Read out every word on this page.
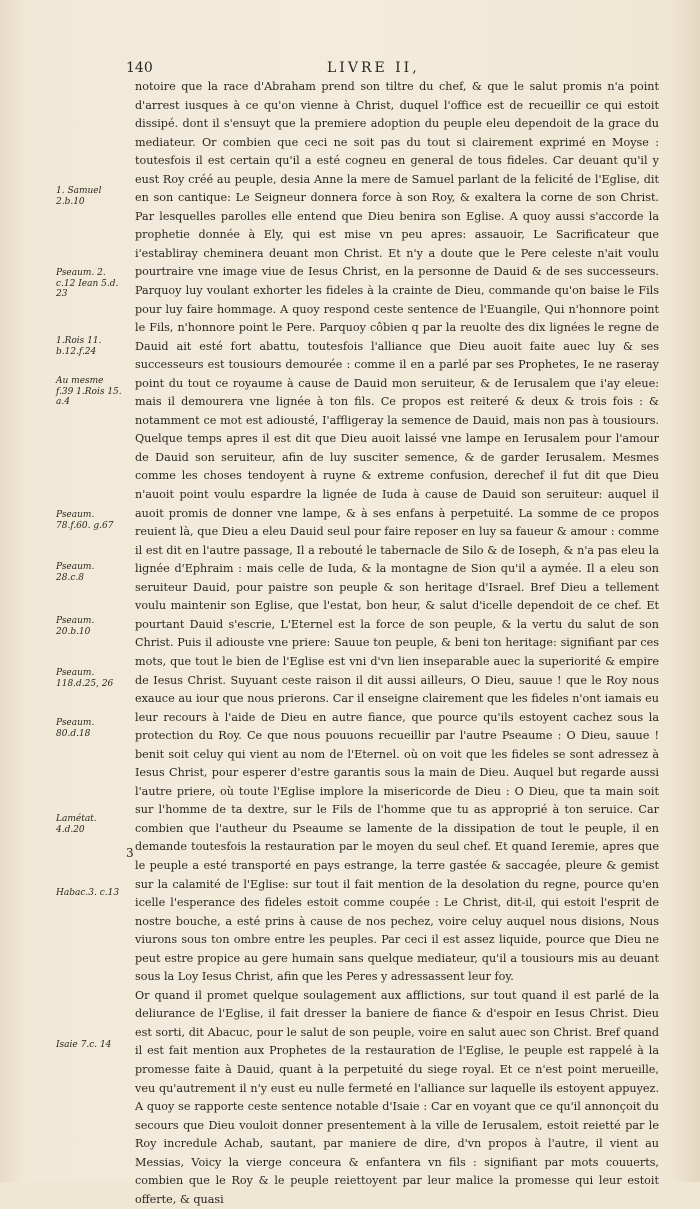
140	LIVRE II,
1. Samuel 2.b.10
Pseaum. 2. c.12 Iean 5.d. 23
1.Rois 11. b.12.f.24
Au mesme f.39 1.Rois 15. a.4
Pseaum. 78.f.60. g.67
Pseaum. 28.c.8
Pseaum. 20.b.10
Pseaum. 118.d.25, 26
Pseaum. 80.d.18
Lamétat. 4.d.20
Habac.3. c.13
Isaie 7.c. 14
3

notoire que la race d'Abraham prend son tiltre du chef, & que le salut promis n'a point d'arrest iusques à ce qu'on vienne à Christ, duquel l'office est de recueillir ce qui estoit dissipé. dont il s'ensuyt que la premiere adoption du peuple eleu dependoit de la grace du mediateur. Or combien que ceci ne soit pas du tout si clairement exprimé en Moyse : toutesfois il est certain qu'il a esté cogneu en general de tous fideles. Car deuant qu'il y eust Roy créé au peuple, desia Anne la mere de Samuel parlant de la felicité de l'Eglise, dit en son cantique: Le Seigneur donnera force à son Roy, & exaltera la corne de son Christ. Par lesquelles parolles elle entend que Dieu benira son Eglise. A quoy aussi s'accorde la prophetie donnée à Ely, qui est mise vn peu apres: assauoir, Le Sacrificateur que i'establiray cheminera deuant mon Christ. Et n'y a doute que le Pere celeste n'ait voulu pourtraire vne image viue de Iesus Christ, en la personne de Dauid & de ses successeurs. Parquoy luy voulant exhorter les fideles à la crainte de Dieu, commande qu'on baise le Fils pour luy faire hommage. A quoy respond ceste sentence de l'Euangile, Qui n'honnore point le Fils, n'honnore point le Pere. Parquoy côbien q par la reuolte des dix lignées le regne de Dauid ait esté fort abattu, toutesfois l'alliance que Dieu auoit faite auec luy & ses successeurs est tousiours demourée : comme il en a parlé par ses Prophetes, Ie ne raseray point du tout ce royaume à cause de Dauid mon seruiteur, & de Ierusalem que i'ay eleue: mais il demourera vne lignée à ton fils. Ce propos est reiteré & deux & trois fois : & notamment ce mot est adiousté, I'affligeray la semence de Dauid, mais non pas à tousiours. Quelque temps apres il est dit que Dieu auoit laissé vne lampe en Ierusalem pour l'amour de Dauid son seruiteur, afin de luy susciter semence, & de garder Ierusalem. Mesmes comme les choses tendoyent à ruyne & extreme confusion, derechef il fut dit que Dieu n'auoit point voulu espardre la lignée de Iuda à cause de Dauid son seruiteur: auquel il auoit promis de donner vne lampe, & à ses enfans à perpetuité. La somme de ce propos reuient là, que Dieu a eleu Dauid seul pour faire reposer en luy sa faueur & amour : comme il est dit en l'autre passage, Il a rebouté le tabernacle de Silo & de Ioseph, & n'a pas eleu la lignée d'Ephraim : mais celle de Iuda, & la montagne de Sion qu'il a aymée. Il a eleu son seruiteur Dauid, pour paistre son peuple & son heritage d'Israel. Bref Dieu a tellement voulu maintenir son Eglise, que l'estat, bon heur, & salut d'icelle dependoit de ce chef. Et pourtant Dauid s'escrie, L'Eternel est la force de son peuple, & la vertu du salut de son Christ. Puis il adiouste vne priere: Sauue ton peuple, & beni ton heritage: signifiant par ces mots, que tout le bien de l'Eglise est vni d'vn lien inseparable auec la superiorité & empire de Iesus Christ. Suyuant ceste raison il dit aussi ailleurs, O Dieu, sauue ! que le Roy nous exauce au iour que nous prierons. Car il enseigne clairement que les fideles n'ont iamais eu leur recours à l'aide de Dieu en autre fiance, que pource qu'ils estoyent cachez sous la protection du Roy. Ce que nous pouuons recueillir par l'autre Pseaume : O Dieu, sauue ! benit soit celuy qui vient au nom de l'Eternel. où on voit que les fideles se sont adressez à Iesus Christ, pour esperer d'estre garantis sous la main de Dieu. Auquel but regarde aussi l'autre priere, où toute l'Eglise implore la misericorde de Dieu : O Dieu, que ta main soit sur l'homme de ta dextre, sur le Fils de l'homme que tu as approprié à ton seruice. Car combien que l'autheur du Pseaume se lamente de la dissipation de tout le peuple, il en demande toutesfois la restauration par le moyen du seul chef. Et quand Ieremie, apres que le peuple a esté transporté en pays estrange, la terre gastée & saccagée, pleure & gemist sur la calamité de l'Eglise: sur tout il fait mention de la desolation du regne, pource qu'en icelle l'esperance des fideles estoit comme coupée : Le Christ, dit-il, qui estoit l'esprit de nostre bouche, a esté prins à cause de nos pechez, voire celuy auquel nous disions, Nous viurons sous ton ombre entre les peuples. Par ceci il est assez liquide, pource que Dieu ne peut estre propice au gere humain sans quelque mediateur, qu'il a tousiours mis au deuant sous la Loy Iesus Christ, afin que les Peres y adressassent leur foy.

Or quand il promet quelque soulagement aux afflictions, sur tout quand il est parlé de la deliurance de l'Eglise, il fait dresser la baniere de fiance & d'espoir en Iesus Christ. Dieu est sorti, dit Abacuc, pour le salut de son peuple, voire en salut auec son Christ. Bref quand il est fait mention aux Prophetes de la restauration de l'Eglise, le peuple est rappelé à la promesse faite à Dauid, quant à la perpetuité du siege royal. Et ce n'est point merueille, veu qu'autrement il n'y eust eu nulle fermeté en l'alliance sur laquelle ils estoyent appuyez. A quoy se rapporte ceste sentence notable d'Isaie : Car en voyant que ce qu'il annonçoit du secours que Dieu vouloit donner presentement à la ville de Ierusalem, estoit reietté par le Roy incredule Achab, sautant, par maniere de dire, d'vn propos à l'autre, il vient au Messias, Voicy la vierge conceura & enfantera vn fils : signifiant par mots couuerts, combien que le Roy & le peuple reiettoyent par leur malice la promesse qui leur estoit offerte, & quasi
